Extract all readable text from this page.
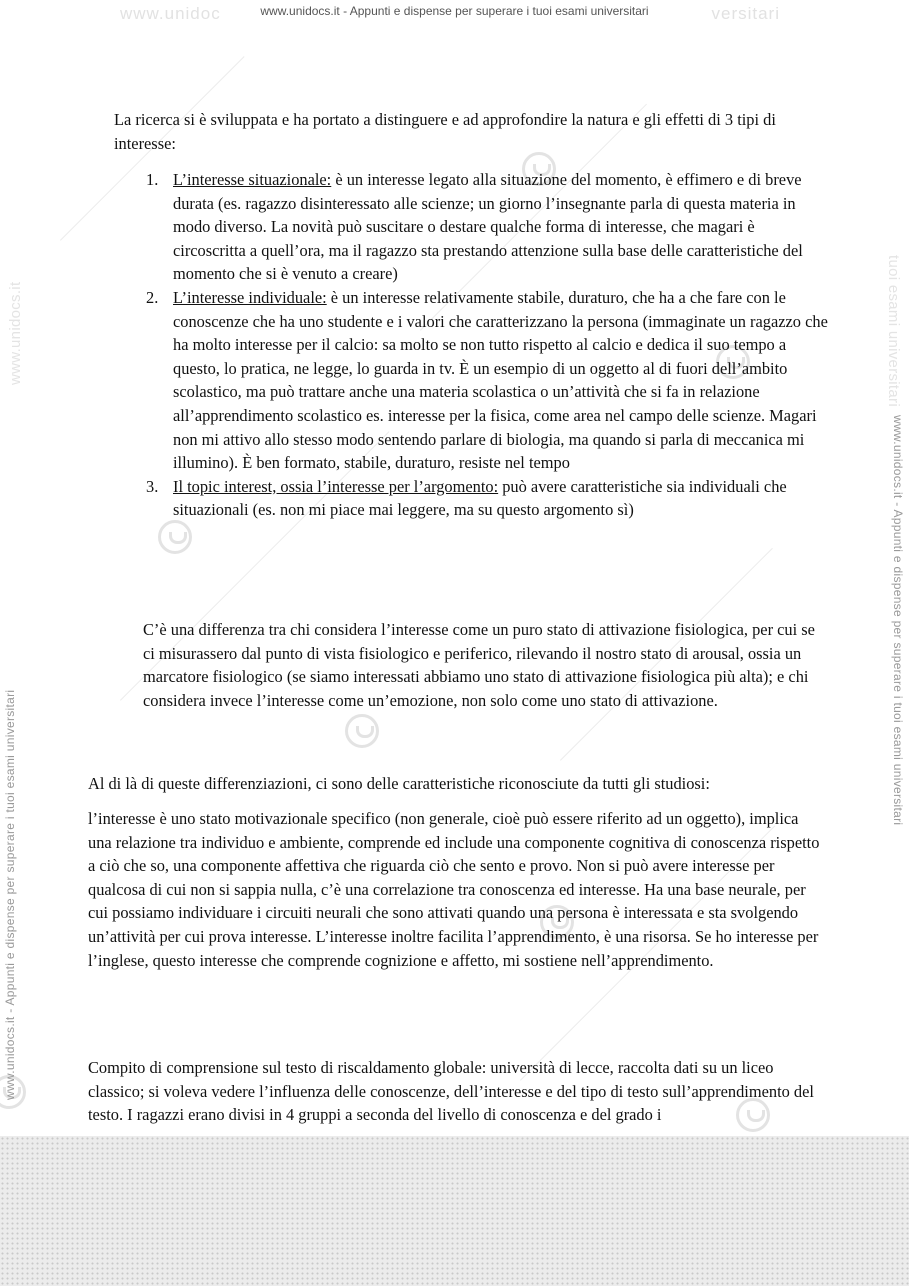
versitari
www.unidoc	www.unidocs.it - Appunti e dispense per superare i tuoi esami universitari
www.unidocs.it - Appunti e dispense per superare i tuoi esami universitari
www.unidocs.it
www.unidocs.it - Appunti e dispense per superare i tuoi esami universitari
tuoi esami universitari

La ricerca si è sviluppata e ha portato a distinguere e ad approfondire la natura e gli effetti di 3 tipi di interesse:

1. L’interesse situazionale: è un interesse legato alla situazione del momento, è effimero e di breve durata (es. ragazzo disinteressato alle scienze; un giorno l’insegnante parla di questa materia in modo diverso. La novità può suscitare o destare qualche forma di interesse, che magari è circoscritta a quell’ora, ma il ragazzo sta prestando attenzione sulla base delle caratteristiche del momento che si è venuto a creare)
2. L’interesse individuale: è un interesse relativamente stabile, duraturo, che ha a che fare con le conoscenze che ha uno studente e i valori che caratterizzano la persona (immaginate un ragazzo che ha molto interesse per il calcio: sa molto se non tutto rispetto al calcio e dedica il suo tempo a questo, lo pratica, ne legge, lo guarda in tv. È un esempio di un oggetto al di fuori dell’ambito scolastico, ma può trattare anche una materia scolastica o un’attività che si fa in relazione all’apprendimento scolastico es. interesse per la fisica, come area nel campo delle scienze. Magari non mi attivo allo stesso modo sentendo parlare di biologia, ma quando si parla di meccanica mi illumino). È ben formato, stabile, duraturo, resiste nel tempo
3. Il topic interest, ossia l’interesse per l’argomento: può avere caratteristiche sia individuali che situazionali (es. non mi piace mai leggere, ma su questo argomento sì)

C’è una differenza tra chi considera l’interesse come un puro stato di attivazione fisiologica, per cui se ci misurassero dal punto di vista fisiologico e periferico, rilevando il nostro stato di arousal, ossia un marcatore fisiologico (se siamo interessati abbiamo uno stato di attivazione fisiologica più alta); e chi considera invece l’interesse come un’emozione, non solo come uno stato di attivazione.

Al di là di queste differenziazioni, ci sono delle caratteristiche riconosciute da tutti gli studiosi:

l’interesse è uno stato motivazionale specifico (non generale, cioè può essere riferito ad un oggetto), implica una relazione tra individuo e ambiente, comprende ed include una componente cognitiva di conoscenza rispetto a ciò che so, una componente affettiva che riguarda ciò che sento e provo. Non si può avere interesse per qualcosa di cui non si sappia nulla, c’è una correlazione tra conoscenza ed interesse. Ha una base neurale, per cui possiamo individuare i circuiti neurali che sono attivati quando una persona è interessata e sta svolgendo un’attività per cui prova interesse. L’interesse inoltre facilita l’apprendimento, è una risorsa. Se ho interesse per l’inglese, questo interesse che comprende cognizione e affetto, mi sostiene nell’apprendimento.

Compito di comprensione sul testo di riscaldamento globale: università di lecce, raccolta dati su un liceo classico; si voleva vedere l’influenza delle conoscenze, dell’interesse e del tipo di testo sull’apprendimento del testo. I ragazzi erano divisi in 4 gruppi a seconda del livello di conoscenza e del grado i
